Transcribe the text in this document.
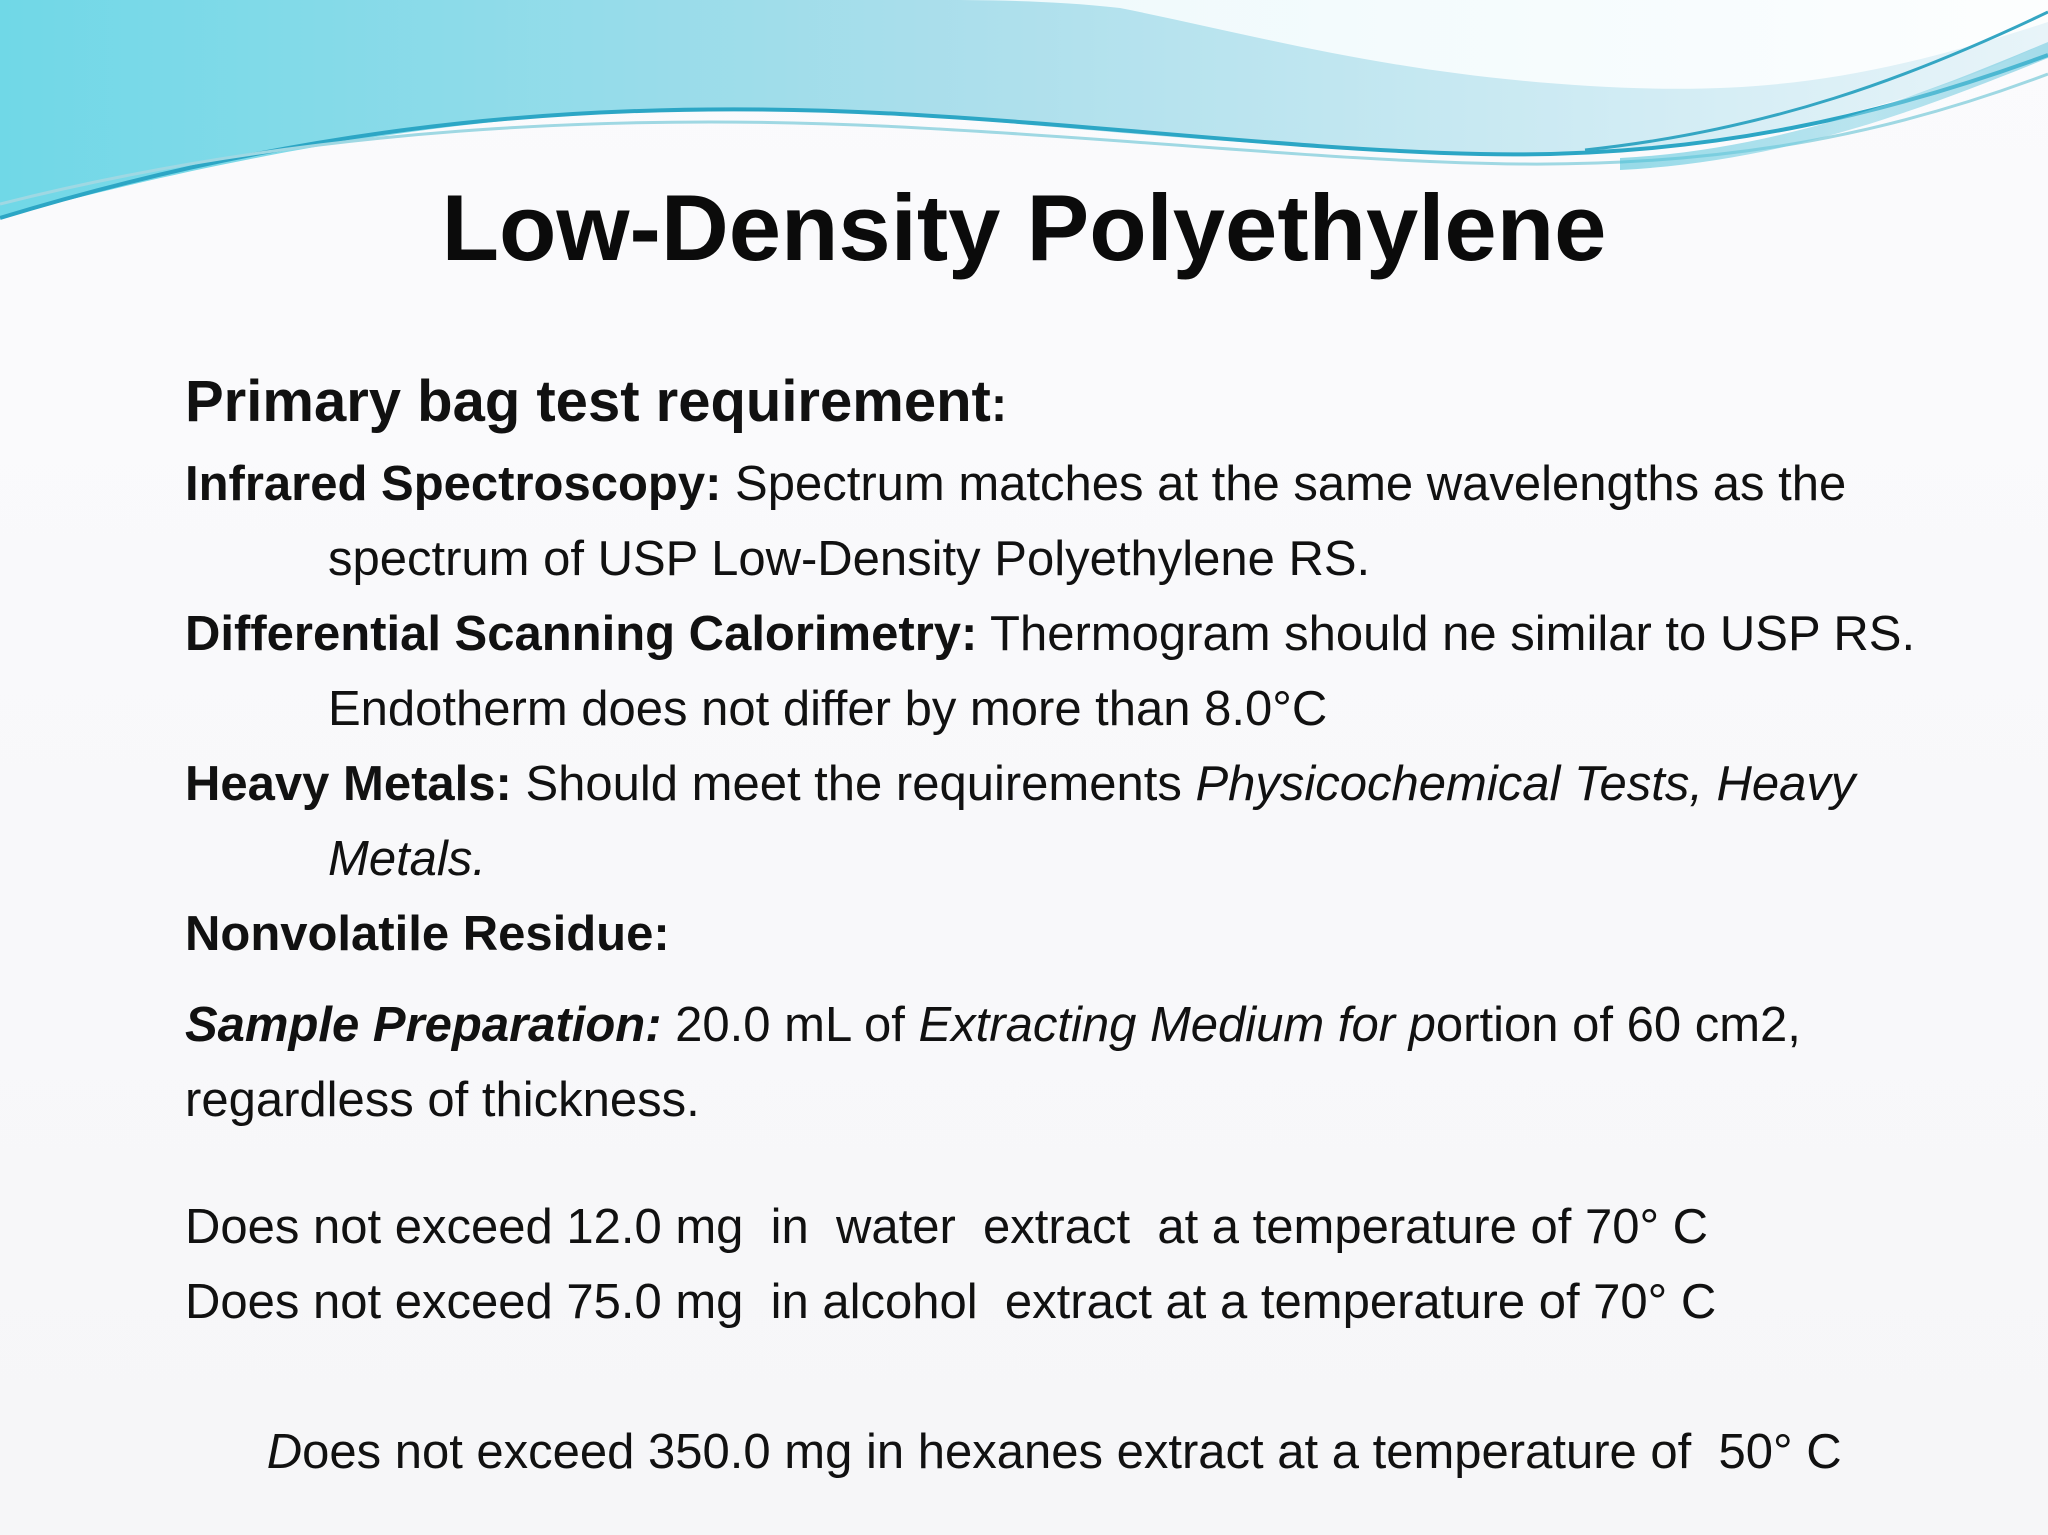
Low-Density Polyethylene
Primary bag test requirement:
Infrared Spectroscopy: Spectrum matches at the same wavelengths as the spectrum of USP Low-Density Polyethylene RS.
Differential Scanning Calorimetry: Thermogram should ne similar to USP RS. Endotherm does not differ by more than 8.0°C
Heavy Metals: Should meet the requirements Physicochemical Tests, Heavy Metals.
Nonvolatile Residue:
Sample Preparation: 20.0 mL of Extracting Medium for portion of 60 cm2, regardless of thickness.
Does not exceed 12.0 mg  in  water  extract  at a temperature of 70° C
Does not exceed 75.0 mg  in alcohol  extract at a temperature of 70° C

Does not exceed 350.0 mg in hexanes extract at a temperature of  50° C
